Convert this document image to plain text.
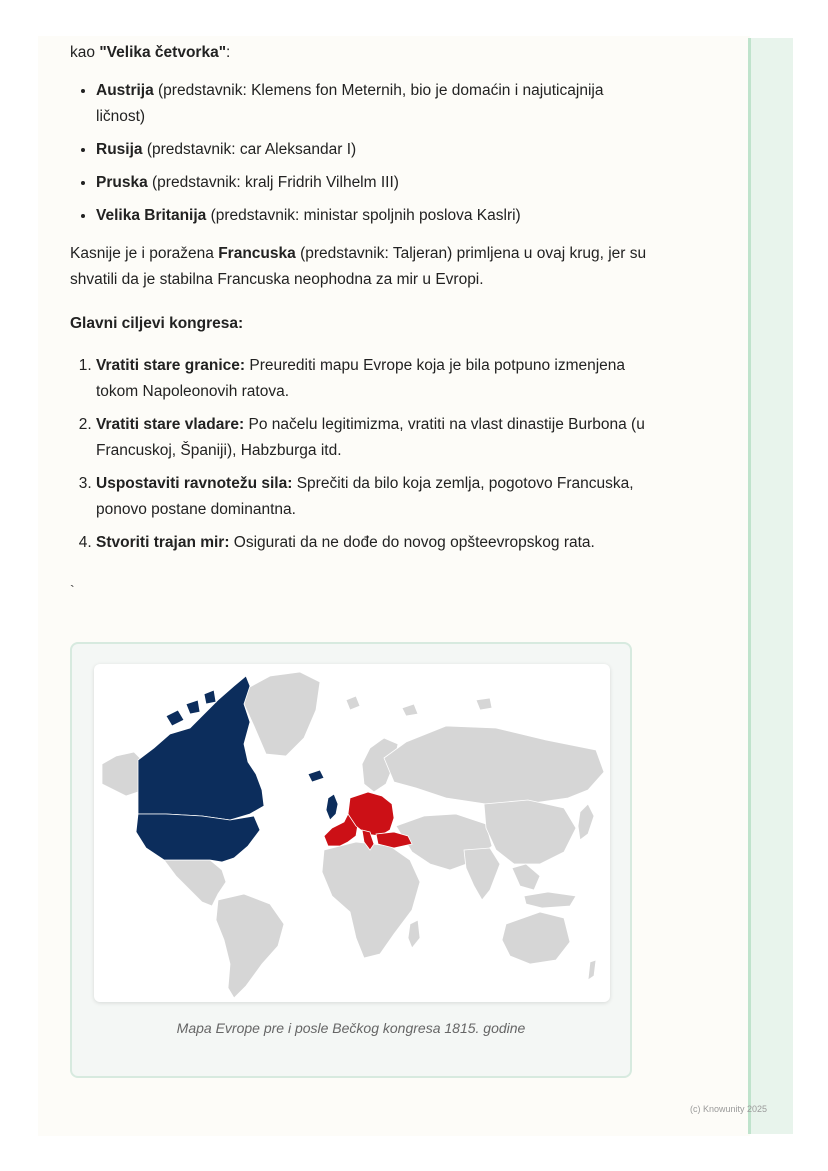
kao "Velika četvorka":

• Austrija (predstavnik: Klemens fon Meternih, bio je domaćin i najuticajnija ličnost)
• Rusija (predstavnik: car Aleksandar I)
• Pruska (predstavnik: kralj Fridrih Vilhelm III)
• Velika Britanija (predstavnik: ministar spoljnih poslova Kaslri)

Kasnije je i poražena Francuska (predstavnik: Taljeran) primljena u ovaj krug, jer su shvatili da je stabilna Francuska neophodna za mir u Evropi.

Glavni ciljevi kongresa:

1. Vratiti stare granice: Preurediti mapu Evrope koja je bila potpuno izmenjena tokom Napoleonovih ratova.
2. Vratiti stare vladare: Po načelu legitimizma, vratiti na vlast dinastije Burbona (u Francuskoj, Španiji), Habzburga itd.
3. Uspostaviti ravnotežu sila: Sprečiti da bilo koja zemlja, pogotovo Francuska, ponovo postane dominantna.
4. Stvoriti trajan mir: Osigurati da ne dođe do novog opšteevropskog rata.
`
Mapa Evrope pre i posle Bečkog kongresa 1815. godine
(c) Knowunity 2025
